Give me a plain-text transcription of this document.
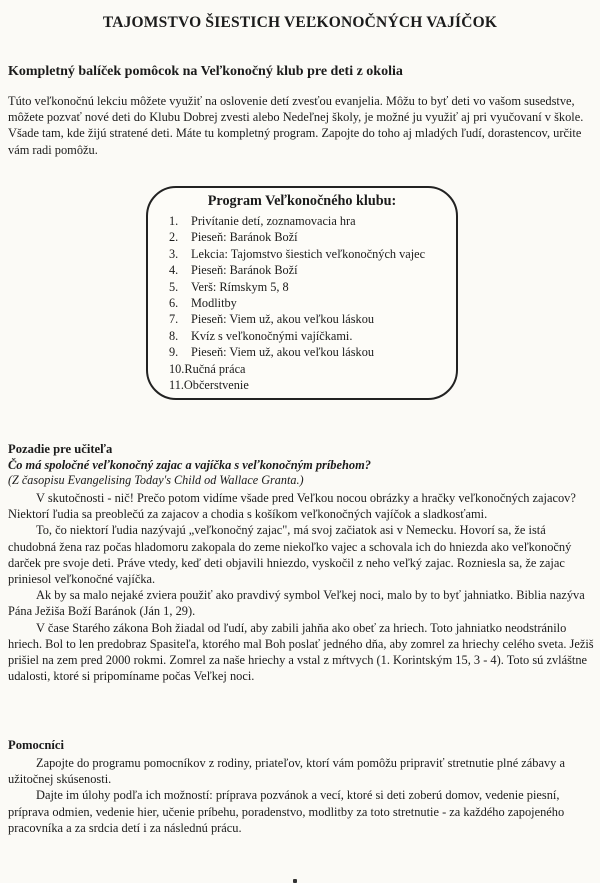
TAJOMSTVO ŠIESTICH VEĽKONOČNÝCH VAJÍČOK
Kompletný balíček pomôcok na Veľkonočný klub pre deti z okolia

Túto veľkonočnú lekciu môžete využiť na oslovenie detí zvesťou evanjelia. Môžu to byť deti vo vašom susedstve, môžete pozvať nové deti do Klubu Dobrej zvesti alebo Nedeľnej školy, je možné ju využiť aj pri vyučovaní v škole. Všade tam, kde žijú stratené deti. Máte tu kompletný program. Zapojte do toho aj mladých ľudí, dorastencov, určite vám radi pomôžu.

Program Veľkonočného klubu:
1. Privítanie detí, zoznamovacia hra
2. Pieseň: Baránok Boží
3. Lekcia: Tajomstvo šiestich veľkonočných vajec
4. Pieseň: Baránok Boží
5. Verš: Rímskym 5, 8
6. Modlitby
7. Pieseň: Viem už, akou veľkou láskou
8. Kvíz s veľkonočnými vajíčkami.
9. Pieseň: Viem už, akou veľkou láskou
10.Ručná práca
11.Občerstvenie

Pozadie pre učiteľa

Čo má spoločné veľkonočný zajac a vajíčka s veľkonočným príbehom?

(Z časopisu Evangelising Today's Child od Wallace Granta.)

V skutočnosti - nič! Prečo potom vidíme všade pred Veľkou nocou obrázky a hračky veľkonočných zajacov? Niektorí ľudia sa preoblečú za zajacov a chodia s košíkom veľkonočných vajíčok a sladkosťami.

To, čo niektorí ľudia nazývajú „veľkonočný zajac", má svoj začiatok asi v Nemecku. Hovorí sa, že istá chudobná žena raz počas hladomoru zakopala do zeme niekoľko vajec a schovala ich do hniezda ako veľkonočný darček pre svoje deti. Práve vtedy, keď deti objavili hniezdo, vyskočil z neho veľký zajac. Rozniesla sa, že zajac priniesol veľkonočné vajíčka.

Ak by sa malo nejaké zviera použiť ako pravdivý symbol Veľkej noci, malo by to byť jahniatko. Biblia nazýva Pána Ježiša Boží Baránok (Ján 1, 29).

V čase Starého zákona Boh žiadal od ľudí, aby zabili jahňa ako obeť za hriech. Toto jahniatko neodstránilo hriech. Bol to len predobraz Spasiteľa, ktorého mal Boh poslať jedného dňa, aby zomrel za hriechy celého sveta. Ježiš prišiel na zem pred 2000 rokmi. Zomrel za naše hriechy a vstal z mŕtvych (1. Korintským 15, 3 - 4). Toto sú zvláštne udalosti, ktoré si pripomíname počas Veľkej noci.

Pomocníci

Zapojte do programu pomocníkov z rodiny, priateľov, ktorí vám pomôžu pripraviť stretnutie plné zábavy a užitočnej skúsenosti.

Dajte im úlohy podľa ich možností: príprava pozvánok a vecí, ktoré si deti zoberú domov, vedenie piesní, príprava odmien, vedenie hier, učenie príbehu, poradenstvo, modlitby za toto stretnutie - za každého zapojeného pracovníka a za srdcia detí i za následnú prácu.
